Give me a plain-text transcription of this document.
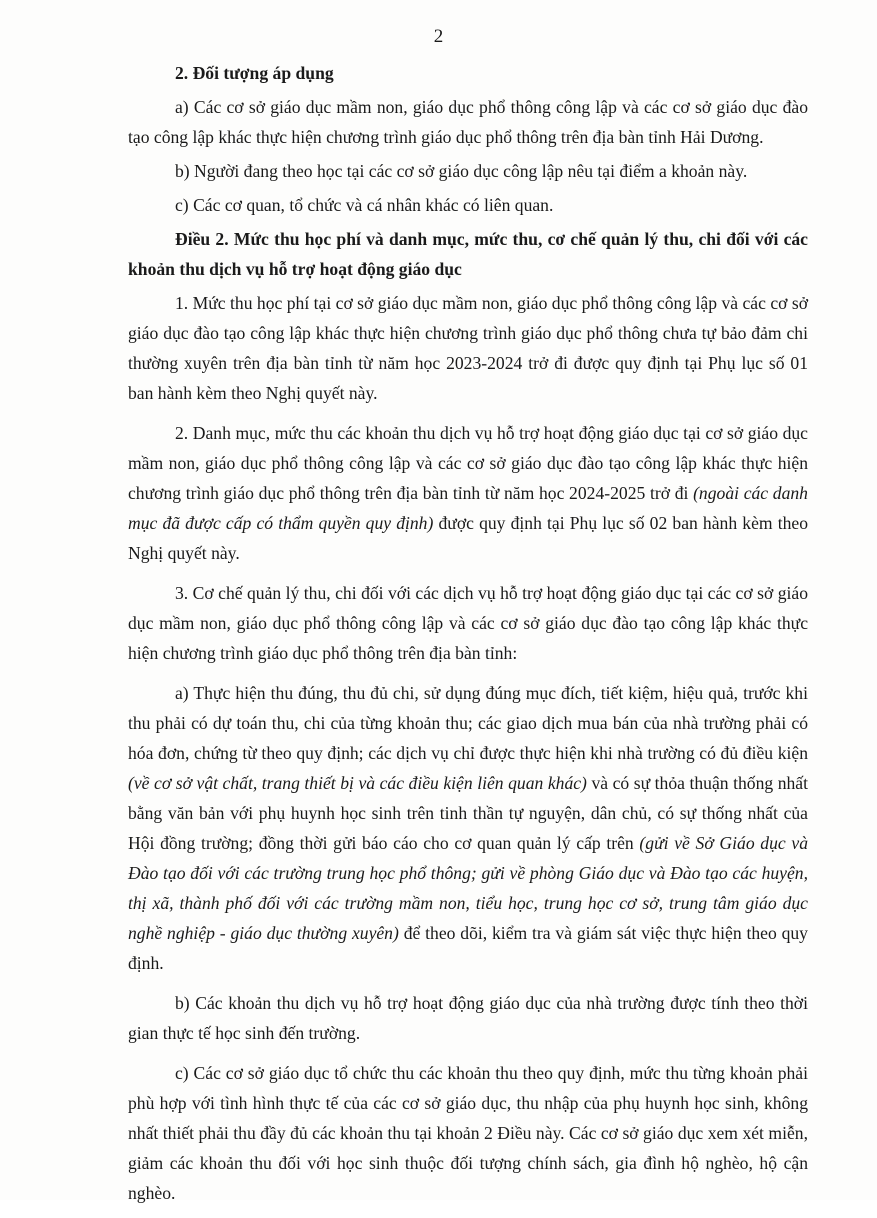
2

2. Đối tượng áp dụng

a) Các cơ sở giáo dục mầm non, giáo dục phổ thông công lập và các cơ sở giáo dục đào tạo công lập khác thực hiện chương trình giáo dục phổ thông trên địa bàn tỉnh Hải Dương.

b) Người đang theo học tại các cơ sở giáo dục công lập nêu tại điểm a khoản này.

c) Các cơ quan, tổ chức và cá nhân khác có liên quan.

Điều 2. Mức thu học phí và danh mục, mức thu, cơ chế quản lý thu, chi đối với các khoản thu dịch vụ hỗ trợ hoạt động giáo dục

1. Mức thu học phí tại cơ sở giáo dục mầm non, giáo dục phổ thông công lập và các cơ sở giáo dục đào tạo công lập khác thực hiện chương trình giáo dục phổ thông chưa tự bảo đảm chi thường xuyên trên địa bàn tỉnh từ năm học 2023-2024 trở đi được quy định tại Phụ lục số 01 ban hành kèm theo Nghị quyết này.

2. Danh mục, mức thu các khoản thu dịch vụ hỗ trợ hoạt động giáo dục tại cơ sở giáo dục mầm non, giáo dục phổ thông công lập và các cơ sở giáo dục đào tạo công lập khác thực hiện chương trình giáo dục phổ thông trên địa bàn tỉnh từ năm học 2024-2025 trở đi (ngoài các danh mục đã được cấp có thẩm quyền quy định) được quy định tại Phụ lục số 02 ban hành kèm theo Nghị quyết này.

3. Cơ chế quản lý thu, chi đối với các dịch vụ hỗ trợ hoạt động giáo dục tại các cơ sở giáo dục mầm non, giáo dục phổ thông công lập và các cơ sở giáo dục đào tạo công lập khác thực hiện chương trình giáo dục phổ thông trên địa bàn tỉnh:

a) Thực hiện thu đúng, thu đủ chi, sử dụng đúng mục đích, tiết kiệm, hiệu quả, trước khi thu phải có dự toán thu, chi của từng khoản thu; các giao dịch mua bán của nhà trường phải có hóa đơn, chứng từ theo quy định; các dịch vụ chỉ được thực hiện khi nhà trường có đủ điều kiện (về cơ sở vật chất, trang thiết bị và các điều kiện liên quan khác) và có sự thỏa thuận thống nhất bằng văn bản với phụ huynh học sinh trên tinh thần tự nguyện, dân chủ, có sự thống nhất của Hội đồng trường; đồng thời gửi báo cáo cho cơ quan quản lý cấp trên (gửi về Sở Giáo dục và Đào tạo đối với các trường trung học phổ thông; gửi về phòng Giáo dục và Đào tạo các huyện, thị xã, thành phố đối với các trường mầm non, tiểu học, trung học cơ sở, trung tâm giáo dục nghề nghiệp - giáo dục thường xuyên) để theo dõi, kiểm tra và giám sát việc thực hiện theo quy định.

b) Các khoản thu dịch vụ hỗ trợ hoạt động giáo dục của nhà trường được tính theo thời gian thực tế học sinh đến trường.

c) Các cơ sở giáo dục tổ chức thu các khoản thu theo quy định, mức thu từng khoản phải phù hợp với tình hình thực tế của các cơ sở giáo dục, thu nhập của phụ huynh học sinh, không nhất thiết phải thu đầy đủ các khoản thu tại khoản 2 Điều này. Các cơ sở giáo dục xem xét miễn, giảm các khoản thu đối với học sinh thuộc đối tượng chính sách, gia đình hộ nghèo, hộ cận nghèo.
